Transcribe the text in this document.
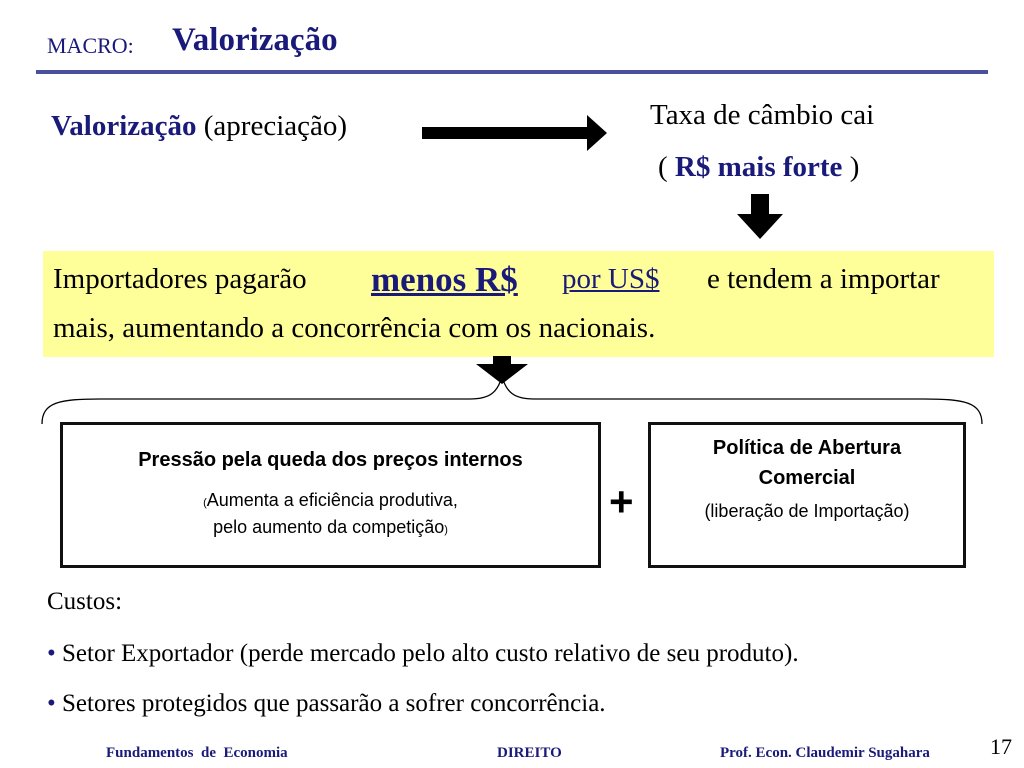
MACRO: Valorização
Valorização (apreciação)	Taxa de câmbio cai
( R$ mais forte )
Importadores pagarão menos R$ por US$ e tendem a importar
mais, aumentando a concorrência com os nacionais.
Pressão pela queda dos preços internos
(Aumenta a eficiência produtiva,
pelo aumento da competição)
+
Política de Abertura
Comercial
(liberação de Importação)
Custos:
• Setor Exportador (perde mercado pelo alto custo relativo de seu produto).
• Setores protegidos que passarão a sofrer concorrência.
Fundamentos  de  Economia	DIREITO	Prof. Econ. Claudemir Sugahara	17
